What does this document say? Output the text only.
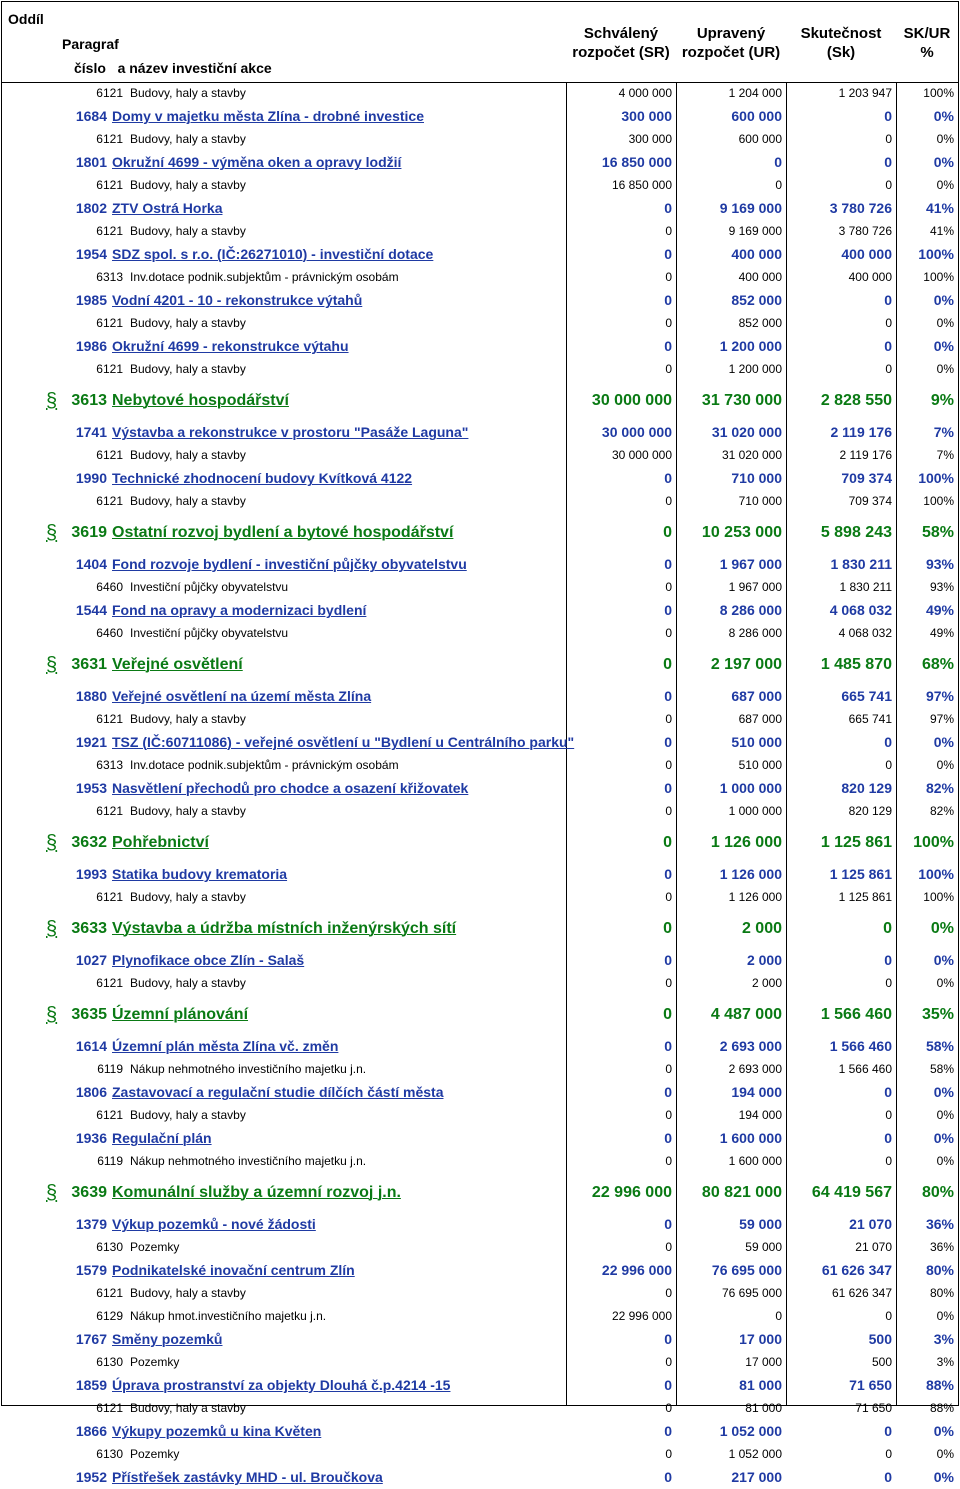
Oddíl
Paragraf
číslo   a název investiční akce
Schválený
rozpočet (SR)
Upravený
rozpočet (UR)
Skutečnost
(Sk)
SK/UR
%
6121 Budovy, haly a stavby	4 000 000	1 204 000	1 203 947	100%
1684 Domy v majetku města Zlína - drobné investice	300 000	600 000	0	0%
6121 Budovy, haly a stavby	300 000	600 000	0	0%
1801 Okružní 4699 - výměna oken a opravy lodžií	16 850 000	0	0	0%
6121 Budovy, haly a stavby	16 850 000	0	0	0%
1802 ZTV Ostrá Horka	0	9 169 000	3 780 726	41%
6121 Budovy, haly a stavby	0	9 169 000	3 780 726	41%
1954 SDZ spol. s r.o. (IČ:26271010) - investiční dotace	0	400 000	400 000	100%
6313 Inv.dotace podnik.subjektům - právnickým osobám	0	400 000	400 000	100%
1985 Vodní 4201 - 10 - rekonstrukce výtahů	0	852 000	0	0%
6121 Budovy, haly a stavby	0	852 000	0	0%
1986 Okružní 4699 - rekonstrukce výtahu	0	1 200 000	0	0%
6121 Budovy, haly a stavby	0	1 200 000	0	0%
§ 3613 Nebytové hospodářství	30 000 000	31 730 000	2 828 550	9%
1741 Výstavba a rekonstrukce v prostoru "Pasáže Laguna"	30 000 000	31 020 000	2 119 176	7%
6121 Budovy, haly a stavby	30 000 000	31 020 000	2 119 176	7%
1990 Technické zhodnocení budovy Kvítková 4122	0	710 000	709 374	100%
6121 Budovy, haly a stavby	0	710 000	709 374	100%
§ 3619 Ostatní rozvoj bydlení a bytové hospodářství	0	10 253 000	5 898 243	58%
1404 Fond rozvoje bydlení - investiční půjčky obyvatelstvu	0	1 967 000	1 830 211	93%
6460 Investiční půjčky obyvatelstvu	0	1 967 000	1 830 211	93%
1544 Fond na opravy a modernizaci bydlení	0	8 286 000	4 068 032	49%
6460 Investiční půjčky obyvatelstvu	0	8 286 000	4 068 032	49%
§ 3631 Veřejné osvětlení	0	2 197 000	1 485 870	68%
1880 Veřejné osvětlení na území města Zlína	0	687 000	665 741	97%
6121 Budovy, haly a stavby	0	687 000	665 741	97%
1921 TSZ (IČ:60711086) - veřejné osvětlení u "Bydlení u Centrálního parku"	0	510 000	0	0%
6313 Inv.dotace podnik.subjektům - právnickým osobám	0	510 000	0	0%
1953 Nasvětlení přechodů pro chodce a osazení křižovatek	0	1 000 000	820 129	82%
6121 Budovy, haly a stavby	0	1 000 000	820 129	82%
§ 3632 Pohřebnictví	0	1 126 000	1 125 861	100%
1993 Statika budovy krematoria	0	1 126 000	1 125 861	100%
6121 Budovy, haly a stavby	0	1 126 000	1 125 861	100%
§ 3633 Výstavba a údržba místních inženýrských sítí	0	2 000	0	0%
1027 Plynofikace obce Zlín - Salaš	0	2 000	0	0%
6121 Budovy, haly a stavby	0	2 000	0	0%
§ 3635 Územní plánování	0	4 487 000	1 566 460	35%
1614 Územní plán města Zlína vč. změn	0	2 693 000	1 566 460	58%
6119 Nákup nehmotného investičního majetku j.n.	0	2 693 000	1 566 460	58%
1806 Zastavovací a regulační studie dílčích částí města	0	194 000	0	0%
6121 Budovy, haly a stavby	0	194 000	0	0%
1936 Regulační plán	0	1 600 000	0	0%
6119 Nákup nehmotného investičního majetku j.n.	0	1 600 000	0	0%
§ 3639 Komunální služby a územní rozvoj j.n.	22 996 000	80 821 000	64 419 567	80%
1379 Výkup pozemků - nové žádosti	0	59 000	21 070	36%
6130 Pozemky	0	59 000	21 070	36%
1579 Podnikatelské inovační centrum Zlín	22 996 000	76 695 000	61 626 347	80%
6121 Budovy, haly a stavby	0	76 695 000	61 626 347	80%
6129 Nákup hmot.investičního majetku j.n.	22 996 000	0	0	0%
1767 Směny pozemků	0	17 000	500	3%
6130 Pozemky	0	17 000	500	3%
1859 Úprava prostranství za objekty Dlouhá č.p.4214 -15	0	81 000	71 650	88%
6121 Budovy, haly a stavby	0	81 000	71 650	88%
1866 Výkupy pozemků u kina Květen	0	1 052 000	0	0%
6130 Pozemky	0	1 052 000	0	0%
1952 Přístřešek zastávky MHD - ul. Broučkova	0	217 000	0	0%
